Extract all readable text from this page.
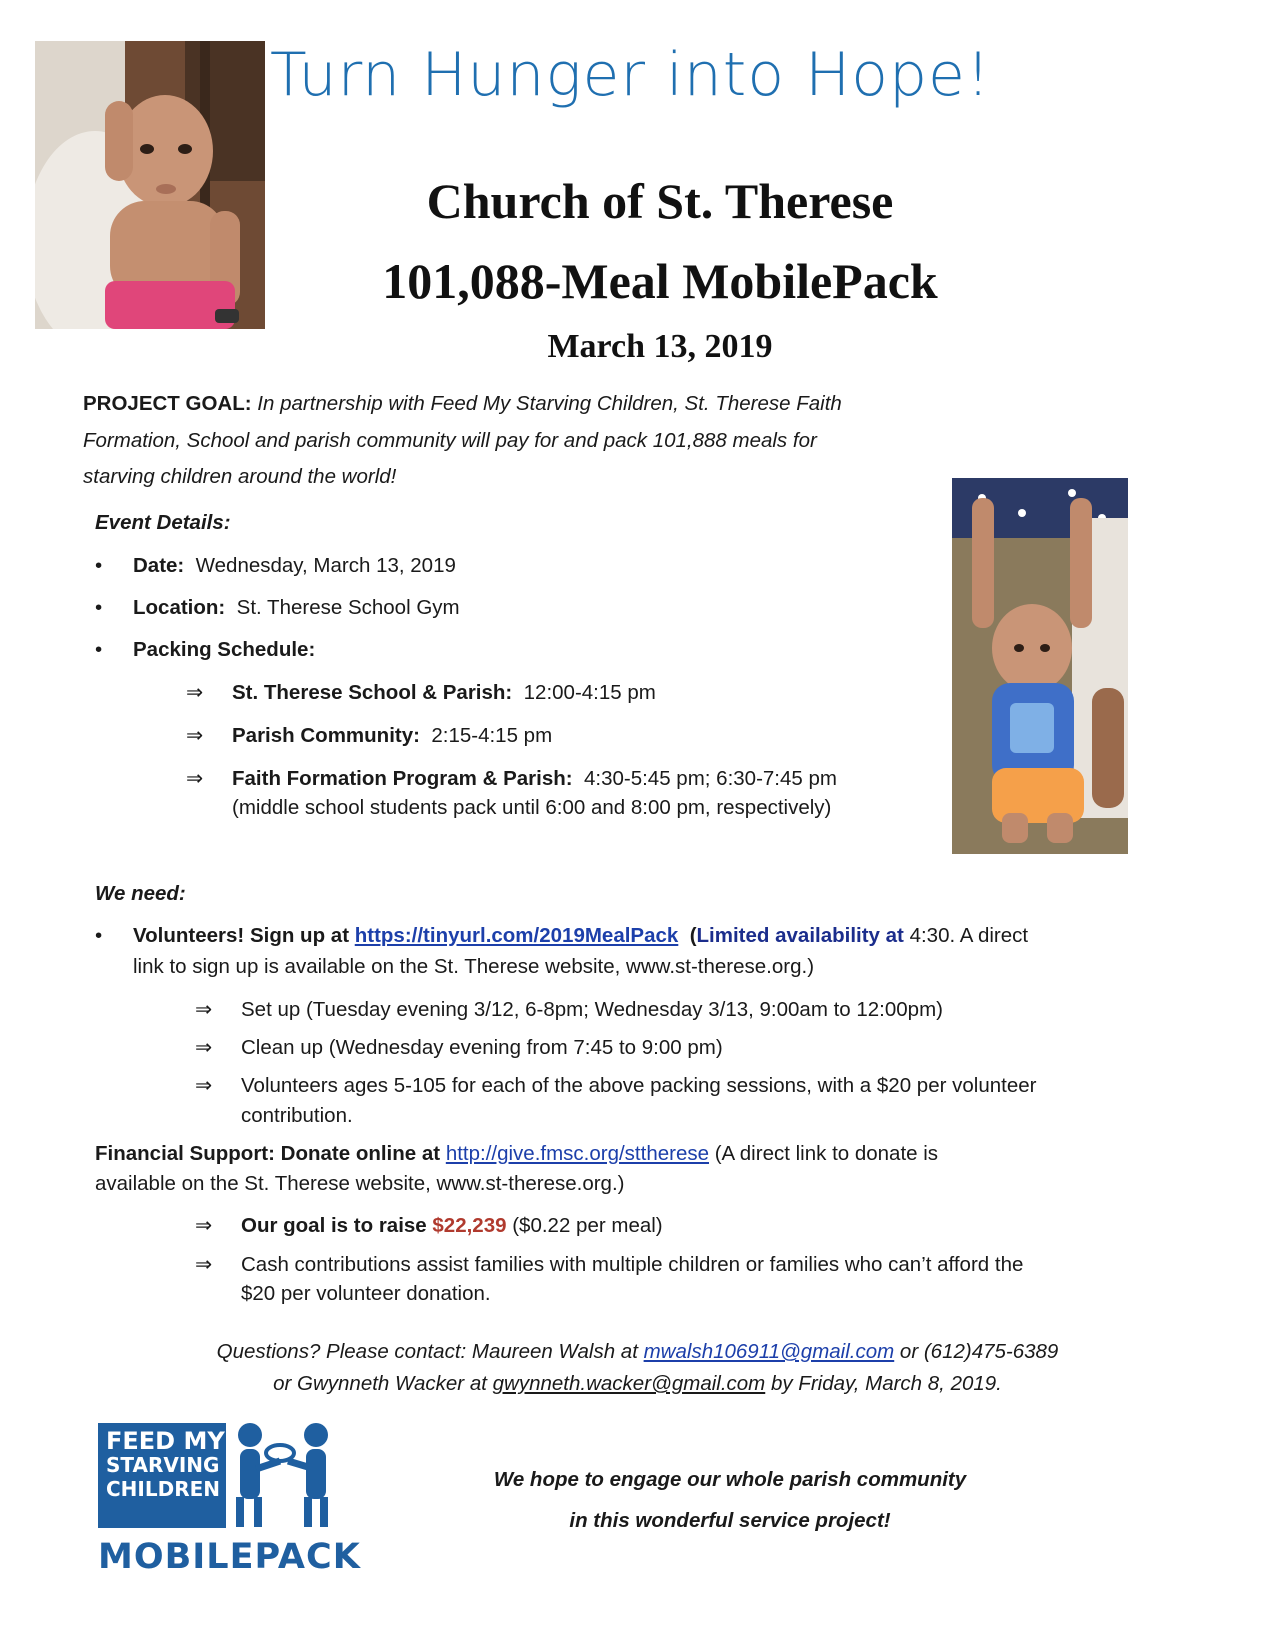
Turn Hunger into Hope!
Church of St. Therese
101,088-Meal MobilePack
March 13, 2019
PROJECT GOAL: In partnership with Feed My Starving Children, St. Therese Faith
Formation, School and parish community will pay for and pack 101,888 meals for
starving children around the world!
Event Details:
• Date: Wednesday, March 13, 2019
• Location: St. Therese School Gym
• Packing Schedule:
⇒ St. Therese School & Parish: 12:00-4:15 pm
⇒ Parish Community: 2:15-4:15 pm
⇒ Faith Formation Program & Parish: 4:30-5:45 pm; 6:30-7:45 pm
(middle school students pack until 6:00 and 8:00 pm, respectively)
We need:
• Volunteers! Sign up at https://tinyurl.com/2019MealPack (Limited availability at 4:30. A direct
link to sign up is available on the St. Therese website, www.st-therese.org.)
⇒ Set up (Tuesday evening 3/12, 6-8pm; Wednesday 3/13, 9:00am to 12:00pm)
⇒ Clean up (Wednesday evening from 7:45 to 9:00 pm)
⇒ Volunteers ages 5-105 for each of the above packing sessions, with a $20 per volunteer
contribution.
Financial Support: Donate online at http://give.fmsc.org/sttherese (A direct link to donate is
available on the St. Therese website, www.st-therese.org.)
⇒ Our goal is to raise $22,239 ($0.22 per meal)
⇒ Cash contributions assist families with multiple children or families who can’t afford the
$20 per volunteer donation.
Questions? Please contact: Maureen Walsh at mwalsh106911@gmail.com or (612)475-6389
or Gwynneth Wacker at gwynneth.wacker@gmail.com by Friday, March 8, 2019.
FEED MY
STARVING
CHILDREN
MOBILEPACK
We hope to engage our whole parish community
in this wonderful service project!
